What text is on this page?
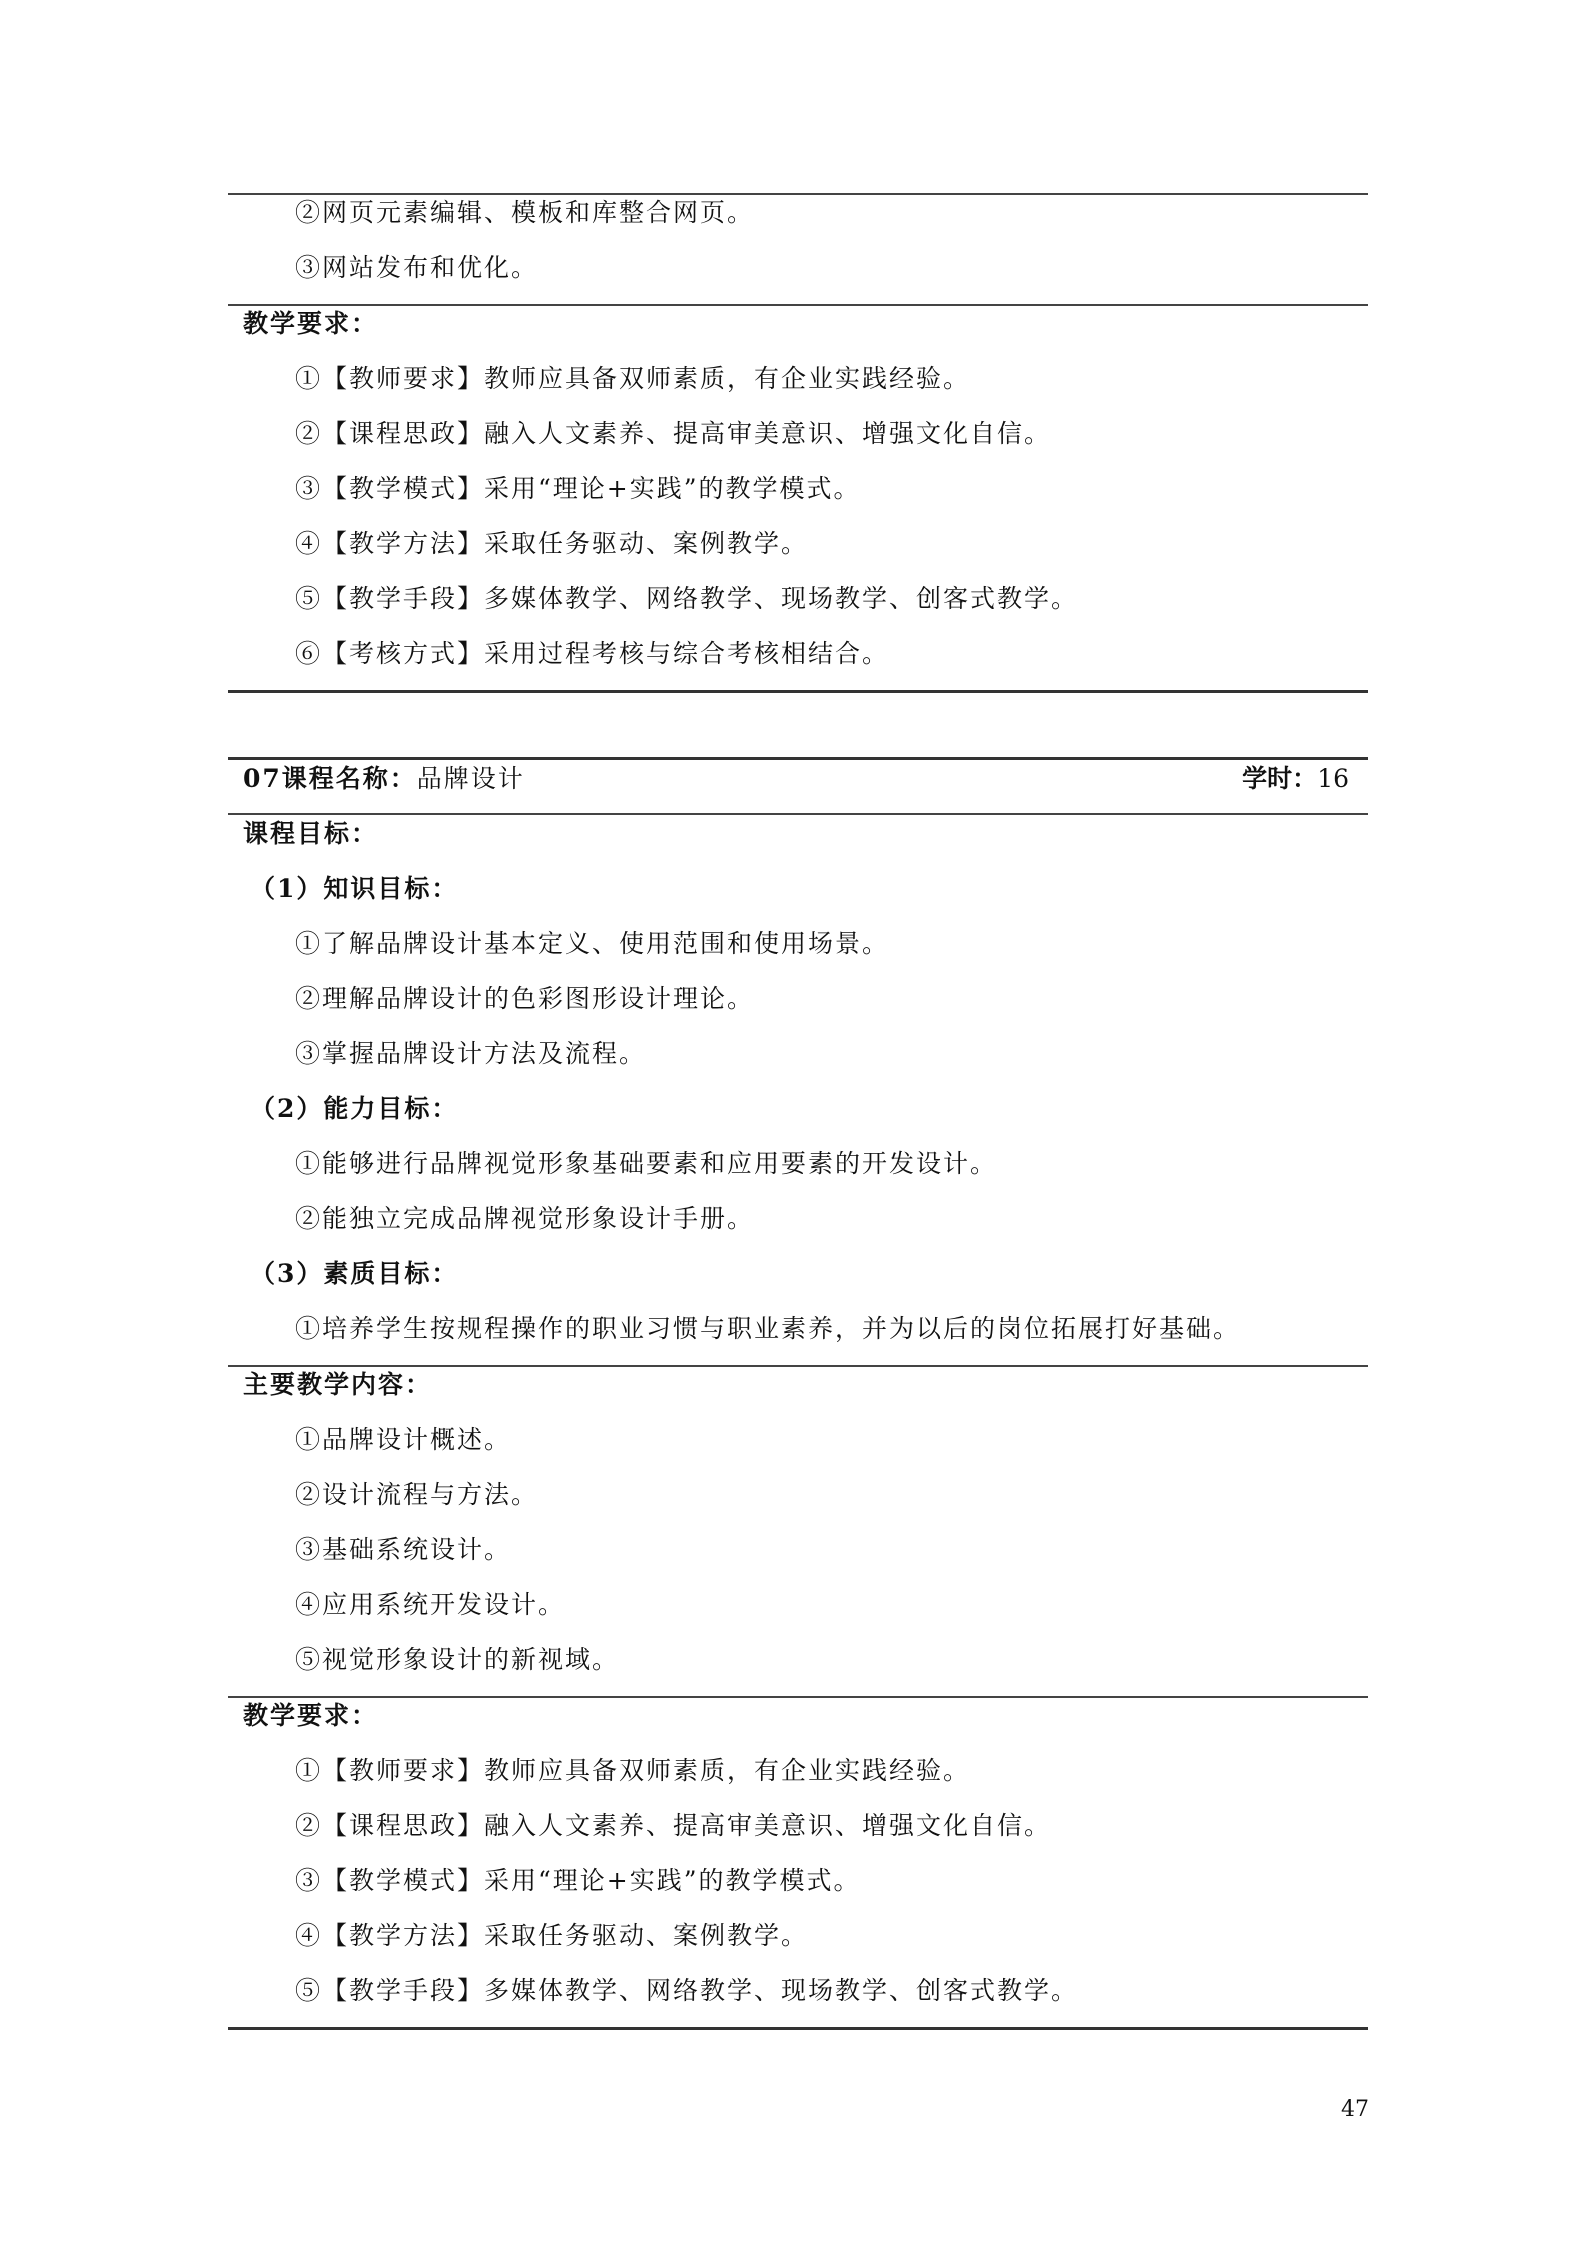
②网页元素编辑、模板和库整合网页。
③网站发布和优化。
教学要求：
①【教师要求】教师应具备双师素质，有企业实践经验。
②【课程思政】融入人文素养、提高审美意识、增强文化自信。
③【教学模式】采用“理论+实践”的教学模式。
④【教学方法】采取任务驱动、案例教学。
⑤【教学手段】多媒体教学、网络教学、现场教学、创客式教学。
⑥【考核方式】采用过程考核与综合考核相结合。
07课程名称：品牌设计	学时：16
课程目标：
（1）知识目标：
①了解品牌设计基本定义、使用范围和使用场景。
②理解品牌设计的色彩图形设计理论。
③掌握品牌设计方法及流程。
（2）能力目标：
①能够进行品牌视觉形象基础要素和应用要素的开发设计。
②能独立完成品牌视觉形象设计手册。
（3）素质目标：
①培养学生按规程操作的职业习惯与职业素养，并为以后的岗位拓展打好基础。
主要教学内容：
①品牌设计概述。
②设计流程与方法。
③基础系统设计。
④应用系统开发设计。
⑤视觉形象设计的新视域。
教学要求：
①【教师要求】教师应具备双师素质，有企业实践经验。
②【课程思政】融入人文素养、提高审美意识、增强文化自信。
③【教学模式】采用“理论+实践”的教学模式。
④【教学方法】采取任务驱动、案例教学。
⑤【教学手段】多媒体教学、网络教学、现场教学、创客式教学。
47
